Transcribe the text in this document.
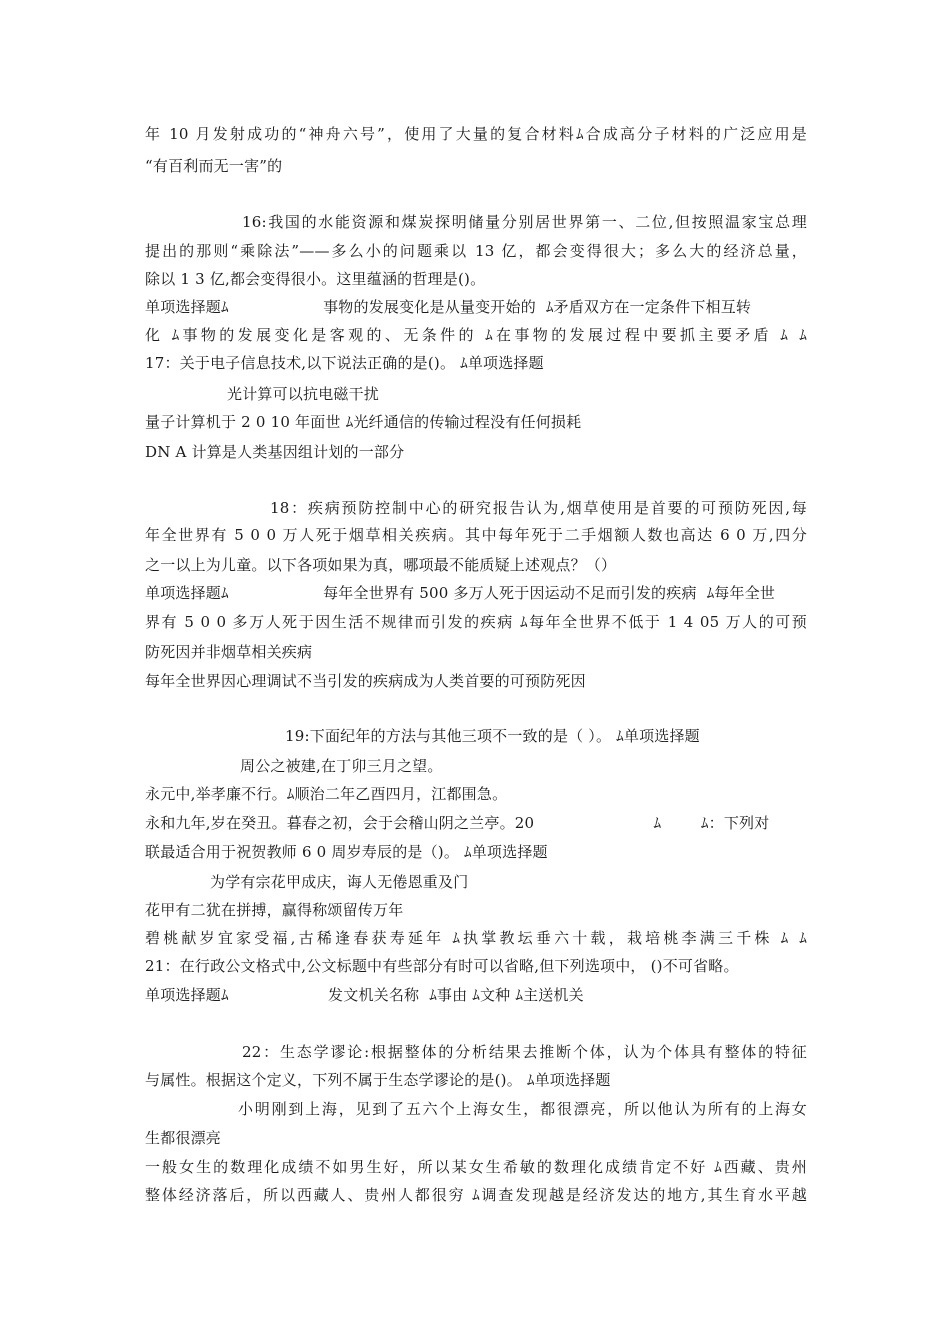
年 10 月发射成功的“神舟六号”，使用了大量的复合材料ﾑ合成高分子材料的广泛应用是
“有百利而无一害”的
16:我国的水能资源和煤炭探明储量分别居世界第一、二位,但按照温家宝总理
提出的那则“乘除法”——多么小的问题乘以 13 亿，都会变得很大；多么大的经济总量，
除以 1 3 亿,都会变得很小。这里蕴涵的哲理是()。
单项选择题ﾑ                   事物的发展变化是从量变开始的  ﾑ矛盾双方在一定条件下相互转
化 ﾑ事物的发展变化是客观的、无条件的 ﾑ在事物的发展过程中要抓主要矛盾 ﾑ ﾑ
17：关于电子信息技术,以下说法正确的是()。 ﾑ单项选择题
光计算可以抗电磁干扰
量子计算机于 2 0 10 年面世 ﾑ光纤通信的传输过程没有任何损耗
DN A 计算是人类基因组计划的一部分
18：疾病预防控制中心的研究报告认为,烟草使用是首要的可预防死因,每
年全世界有 5 0 0 万人死于烟草相关疾病。其中每年死于二手烟额人数也高达 6 0 万,四分
之一以上为儿童。以下各项如果为真，哪项最不能质疑上述观点？（）
单项选择题ﾑ                   每年全世界有 500 多万人死于因运动不足而引发的疾病  ﾑ每年全世
界有 5 0 0 多万人死于因生活不规律而引发的疾病 ﾑ每年全世界不低于 1 4 05 万人的可预
防死因并非烟草相关疾病
每年全世界因心理调试不当引发的疾病成为人类首要的可预防死因
19:下面纪年的方法与其他三项不一致的是（ ）。 ﾑ单项选择题
周公之被建,在丁卯三月之望。
永元中,举孝廉不行。ﾑ顺治二年乙酉四月，江都围急。
永和九年,岁在癸丑。暮春之初，会于会稽山阴之兰亭。20                        ﾑ        ﾑ：下列对
联最适合用于祝贺教师 6 0 周岁寿辰的是（)。 ﾑ单项选择题
为学有宗花甲成庆，诲人无倦恩重及门
花甲有二犹在拼搏，赢得称颂留传万年
碧桃献岁宜家受福,古稀逢春获寿延年 ﾑ执掌教坛垂六十载，栽培桃李满三千株 ﾑ ﾑ
21：在行政公文格式中,公文标题中有些部分有时可以省略,但下列选项中， ()不可省略。
单项选择题ﾑ                    发文机关名称  ﾑ事由 ﾑ文种 ﾑ主送机关
22：生态学谬论:根据整体的分析结果去推断个体，认为个体具有整体的特征
与属性。根据这个定义，下列不属于生态学谬论的是()。 ﾑ单项选择题
小明刚到上海，见到了五六个上海女生，都很漂亮，所以他认为所有的上海女
生都很漂亮
一般女生的数理化成绩不如男生好，所以某女生希敏的数理化成绩肯定不好 ﾑ西藏、贵州
整体经济落后，所以西藏人、贵州人都很穷 ﾑ调查发现越是经济发达的地方,其生育水平越
